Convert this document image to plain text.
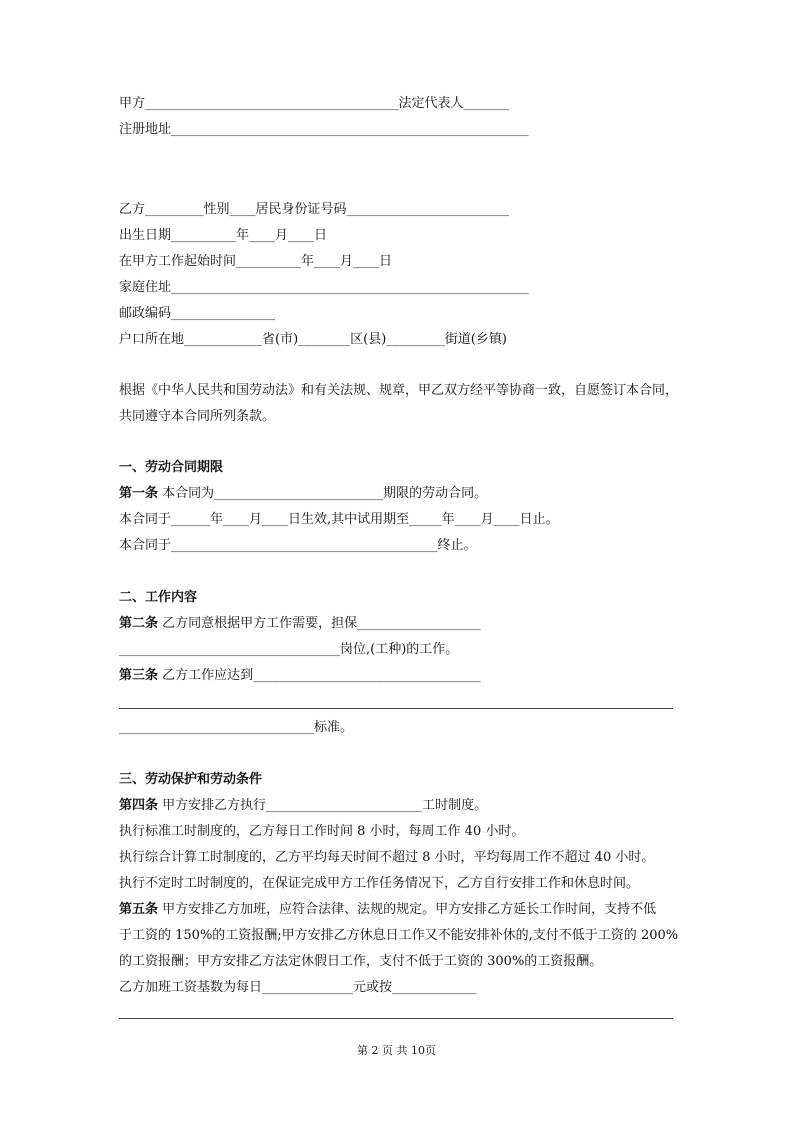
甲方_______________________________________法定代表人_______
注册地址_______________________________________________________
乙方_________性别____居民身份证号码_________________________
出生日期__________年____月____日
在甲方工作起始时间__________年____月____日
家庭住址_______________________________________________________
邮政编码________________
户口所在地____________省(市)________区(县)_________街道(乡镇)
根据《中华人民共和国劳动法》和有关法规、规章，甲乙双方经平等协商一致，自愿签订本合同，
共同遵守本合同所列条款。
一、劳动合同期限
第一条 本合同为__________________________期限的劳动合同。
本合同于______年____月____日生效,其中试用期至_____年____月____日止。
本合同于_________________________________________终止。
二、工作内容
第二条 乙方同意根据甲方工作需要，担保___________________
__________________________________岗位,(工种)的工作。
第三条 乙方工作应达到___________________________________
______________________________标准。
三、劳动保护和劳动条件
第四条 甲方安排乙方执行________________________工时制度。
执行标准工时制度的，乙方每日工作时间 8 小时，每周工作 40 小时。
执行综合计算工时制度的，乙方平均每天时间不超过 8 小时，平均每周工作不超过 40 小时。
执行不定时工时制度的，在保证完成甲方工作任务情况下，乙方自行安排工作和休息时间。
第五条 甲方安排乙方加班，应符合法律、法规的规定。甲方安排乙方延长工作时间，支持不低
于工资的 150%的工资报酬;甲方安排乙方休息日工作又不能安排补休的,支付不低于工资的 200%
的工资报酬；甲方安排乙方法定休假日工作，支付不低于工资的 300%的工资报酬。
乙方加班工资基数为每日______________元或按_____________
第 2 页 共 10页
